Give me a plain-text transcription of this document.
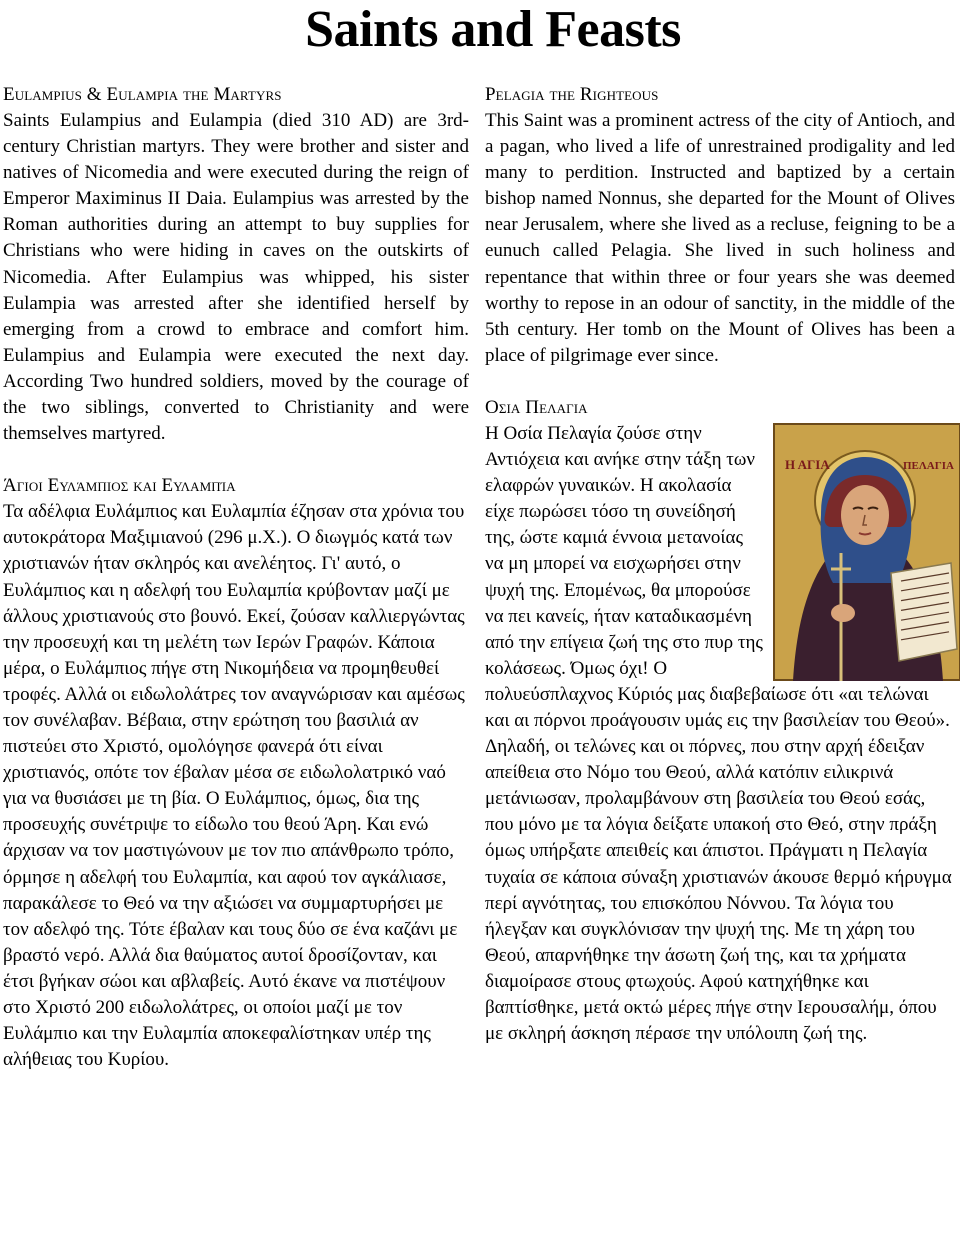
Saints and Feasts
Eulampius & Eulampia the Martyrs

Saints Eulampius and Eulampia (died 310 AD) are 3rd-century Christian martyrs. They were brother and sister and natives of Nicomedia and were executed during the reign of Emperor Maximinus II Daia. Eulampius was arrested by the Roman authorities during an attempt to buy supplies for Christians who were hiding in caves on the outskirts of Nicomedia. After Eulampius was whipped, his sister Eulampia was arrested after she identified herself by emerging from a crowd to embrace and comfort him. Eulampius and Eulampia were executed the next day. According Two hundred soldiers, moved by the courage of the two siblings, converted to Christianity and were themselves martyred.

Άγιοι Ευλάμπιος και Ευλαμπία

Τα αδέλφια Ευλάμπιος και Ευλαμπία έζησαν στα χρόνια του αυτοκράτορα Μαξιμιανού (296 μ.Χ.). Ο διωγμός κατά των χριστιανών ήταν σκληρός και ανελέητος. Γι' αυτό, ο Ευλάμπιος και η αδελφή του Ευλαμπία κρύβονταν μαζί με άλλους χριστιανούς στο βουνό. Εκεί, ζούσαν καλλιεργώντας την προσευχή και τη μελέτη των Ιερών Γραφών. Κάποια μέρα, ο Ευλάμπιος πήγε στη Νικομήδεια να προμηθευθεί τροφές. Αλλά οι ειδωλολάτρες τον αναγνώρισαν και αμέσως τον συνέλαβαν. Βέβαια, στην ερώτηση του βασιλιά αν πιστεύει στο Χριστό, ομολόγησε φανερά ότι είναι χριστιανός, οπότε τον έβαλαν μέσα σε ειδωλολατρικό ναό για να θυσιάσει με τη βία. Ο Ευλάμπιος, όμως, δια της προσευχής συνέτριψε το είδωλο του θεού Άρη. Και ενώ άρχισαν να τον μαστιγώνουν με τον πιο απάνθρωπο τρόπο, όρμησε η αδελφή του Ευλαμπία, και αφού τον αγκάλιασε, παρακάλεσε το Θεό να την αξιώσει να συμμαρτυρήσει με τον αδελφό της. Τότε έβαλαν και τους δύο σε ένα καζάνι με βραστό νερό. Αλλά δια θαύματος αυτοί δροσίζονταν, και έτσι βγήκαν σώοι και αβλαβείς. Αυτό έκανε να πιστέψουν στο Χριστό 200 ειδωλολάτρες, οι οποίοι μαζί με τον Ευλάμπιο και την Ευλαμπία αποκεφαλίστηκαν υπέρ της αλήθειας του Κυρίου.

Pelagia the Righteous

This Saint was a prominent actress of the city of Antioch, and a pagan, who lived a life of unrestrained prodigality and led many to perdition. Instructed and baptized by a certain bishop named Nonnus, she departed for the Mount of Olives near Jerusalem, where she lived as a recluse, feigning to be a eunuch called Pelagia. She lived in such holiness and repentance that within three or four years she was deemed worthy to repose in an odour of sanctity, in the middle of the 5th century. Her tomb on the Mount of Olives has been a place of pilgrimage ever since.

Οσια Πελαγια
Η ΑΓΙΑ	ΠΕΛΑΓΙΑ

Η Οσία Πελαγία ζούσε στην Αντιόχεια και ανήκε στην τάξη των ελαφρών γυναικών. Η ακολασία είχε πωρώσει τόσο τη συνείδησή της, ώστε καμιά έννοια μετανοίας να μη μπορεί να εισχωρήσει στην ψυχή της. Επομένως, θα μπορούσε να πει κανείς, ήταν καταδικασμένη από την επίγεια ζωή της στο πυρ της κολάσεως. Όμως όχι! Ο πολυεύσπλαχνος Κύριός μας διαβεβαίωσε ότι «αι τελώναι και αι πόρνοι προάγουσιν υμάς εις την βασιλείαν του Θεού». Δηλαδή, οι τελώνες και οι πόρνες, που στην αρχή έδειξαν απείθεια στο Νόμο του Θεού, αλλά κατόπιν ειλικρινά μετάνιωσαν, προλαμβάνουν στη βασιλεία του Θεού εσάς, που μόνο με τα λόγια δείξατε υπακοή στο Θεό, στην πράξη όμως υπήρξατε απειθείς και άπιστοι. Πράγματι η Πελαγία τυχαία σε κάποια σύναξη χριστιανών άκουσε θερμό κήρυγμα περί αγνότητας, του επισκόπου Νόννου. Τα λόγια του ήλεγξαν και συγκλόνισαν την ψυχή της. Με τη χάρη του Θεού, απαρνήθηκε την άσωτη ζωή της, και τα χρήματα διαμοίρασε στους φτωχούς. Αφού κατηχήθηκε και βαπτίσθηκε, μετά οκτώ μέρες πήγε στην Ιερουσαλήμ, όπου με σκληρή άσκηση πέρασε την υπόλοιπη ζωή της.
